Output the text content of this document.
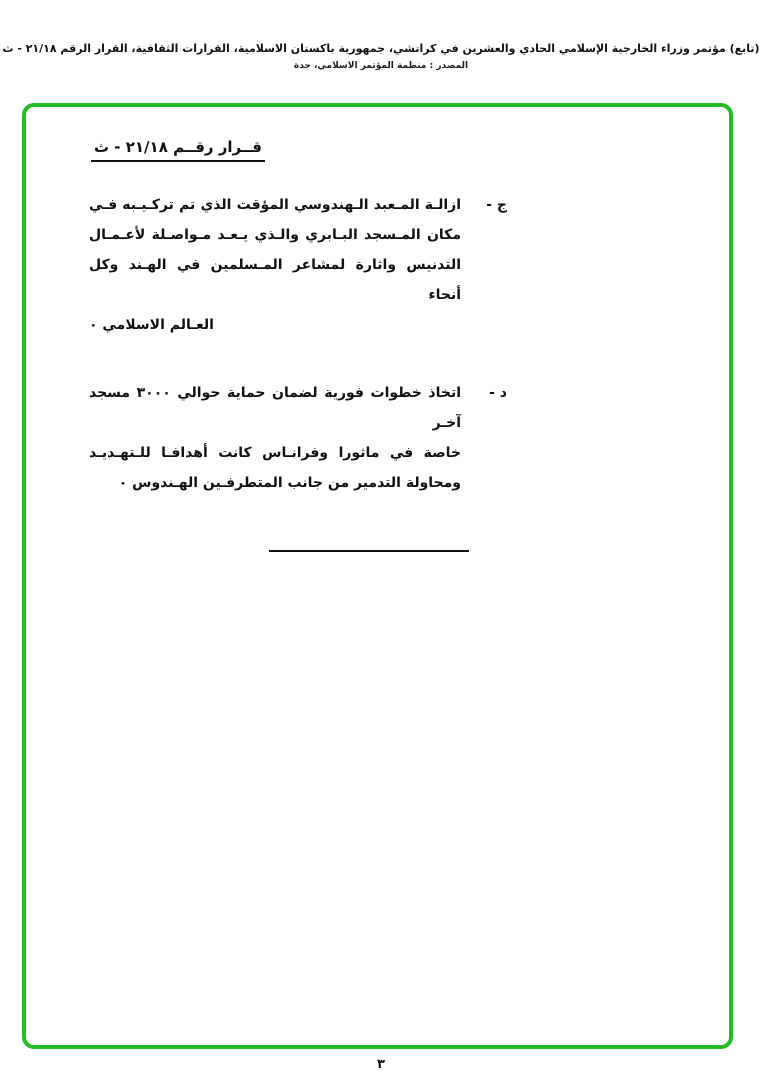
(تابع) مؤتمر وزراء الخارجية الإسلامي الحادي والعشرين في كراتشي، جمهورية باكستان الاسلامية، القرارات الثقافية، القرار الرقم ٢١/١٨ - ث
المصدر : منظمة المؤتمر الاسلامي، جدة
قــرار رقــم ٢١/١٨ - ث
ج -
ازالـة المـعبد الـهندوسي المؤقت الذي تم تركـيـبه فـي
مكان المـسجد البـابري والـذي يـعـد مـواصـلة لأعـمـال
التدنيس واثارة لمشاعر المـسلمين في الهـند وكل أنحاء
العـالم الاسلامي ٠
د -
اتخاذ خطوات فورية لضمان حماية حوالي ٣٠٠٠ مسجد آخـر
خاصة في ماثورا وفرانـاس كانت أهدافـا للـتهـديـد
ومحاولة التدمير من جانب المتطرفـين الهـندوس ٠
٣
